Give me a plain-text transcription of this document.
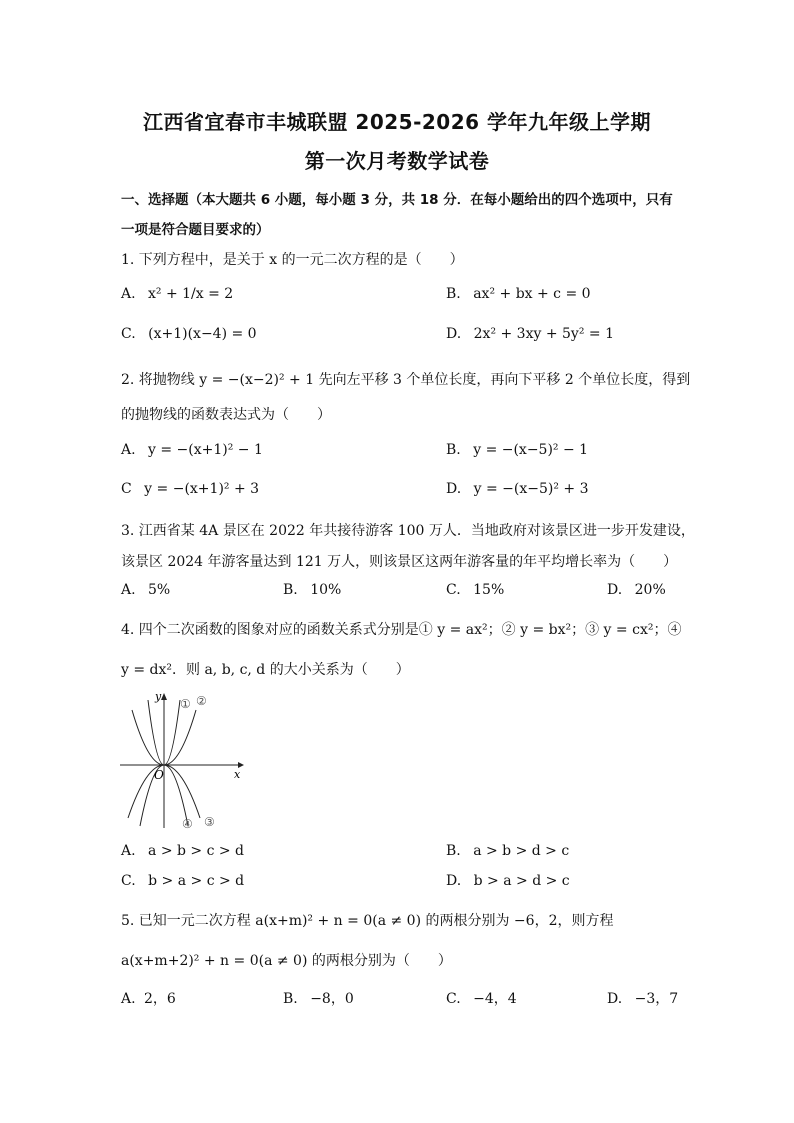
江西省宜春市丰城联盟 2025-2026 学年九年级上学期
第一次月考数学试卷
一、选择题（本大题共 6 小题，每小题 3 分，共 18 分．在每小题给出的四个选项中，只有
一项是符合题目要求的）
1. 下列方程中，是关于 x 的一元二次方程的是（　　）
A. x² + 1/x = 2	B. ax² + bx + c = 0
C. (x+1)(x−4) = 0	D. 2x² + 3xy + 5y² = 1
2. 将抛物线 y = −(x−2)² + 1 先向左平移 3 个单位长度，再向下平移 2 个单位长度，得到
的抛物线的函数表达式为（　　）
A. y = −(x+1)² − 1	B. y = −(x−5)² − 1
C y = −(x+1)² + 3	D. y = −(x−5)² + 3
3. 江西省某 4A 景区在 2022 年共接待游客 100 万人．当地政府对该景区进一步开发建设，
该景区 2024 年游客量达到 121 万人，则该景区这两年游客量的年平均增长率为（　　）
A. 5%	B. 10%	C. 15%	D. 20%
4. 四个二次函数的图象对应的函数关系式分别是① y = ax²；② y = bx²；③ y = cx²；④
y = dx²．则 a, b, c, d 的大小关系为（　　）
y
x
O
① ②
③
④
A. a > b > c > d	B. a > b > d > c
C. b > a > c > d	D. b > a > d > c
5. 已知一元二次方程 a(x+m)² + n = 0(a ≠ 0) 的两根分别为 −6，2，则方程
a(x+m+2)² + n = 0(a ≠ 0) 的两根分别为（　　）
A. 2，6	B. −8，0	C. −4，4	D. −3，7
